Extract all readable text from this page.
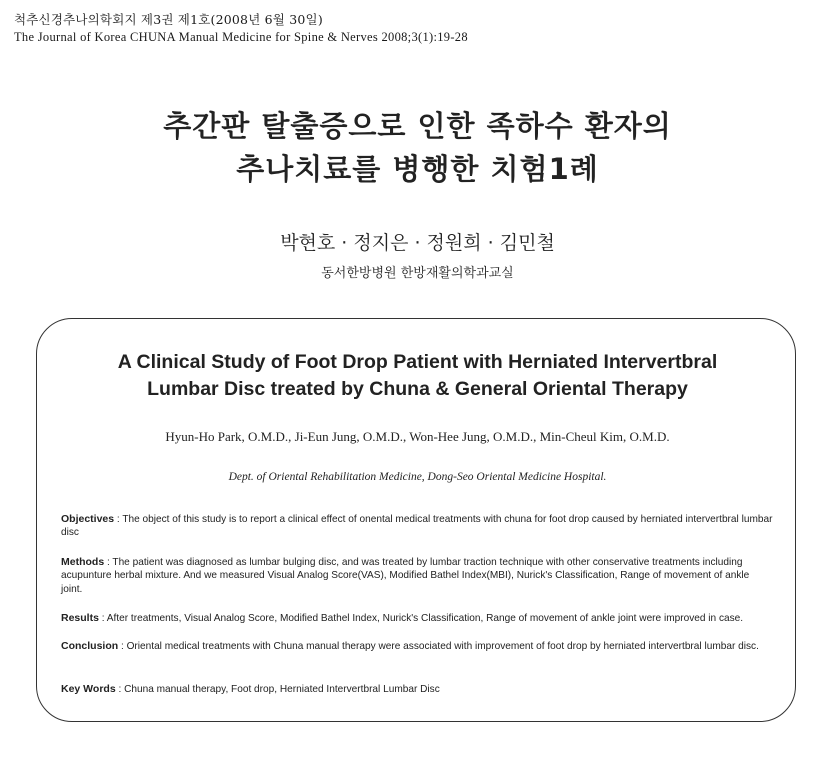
척추신경추나의학회지 제3권 제1호(2008년 6월 30일)
The Journal of Korea CHUNA Manual Medicine for Spine & Nerves 2008;3(1):19-28
추간판 탈출증으로 인한 족하수 환자의
추나치료를 병행한 치험1례
박현호 · 정지은 · 정원희 · 김민철
동서한방병원 한방재활의학과교실
A Clinical Study of Foot Drop Patient with Herniated Intervertbral
Lumbar Disc treated by Chuna & General Oriental Therapy
Hyun-Ho Park, O.M.D., Ji-Eun Jung, O.M.D., Won-Hee Jung, O.M.D., Min-Cheul Kim, O.M.D.
Dept. of Oriental Rehabilitation Medicine, Dong-Seo Oriental Medicine Hospital.
Objectives : The object of this study is to report a clinical effect of onental medical treatments with chuna for foot drop caused by herniated intervertbral lumbar disc
Methods : The patient was diagnosed as lumbar bulging disc, and was treated by lumbar traction technique with other conservative treatments including acupunture herbal mixture. And we measured Visual Analog Score(VAS), Modified Bathel Index(MBI), Nurick's Classification, Range of movement of ankle joint.
Results : After treatments, Visual Analog Score, Modified Bathel Index, Nurick's Classification, Range of movement of ankle joint were improved in case.
Conclusion : Oriental medical treatments with Chuna manual therapy were associated with improvement of foot drop by herniated intervertbral lumbar disc.
Key Words : Chuna manual therapy, Foot drop, Herniated Intervertbral Lumbar Disc
